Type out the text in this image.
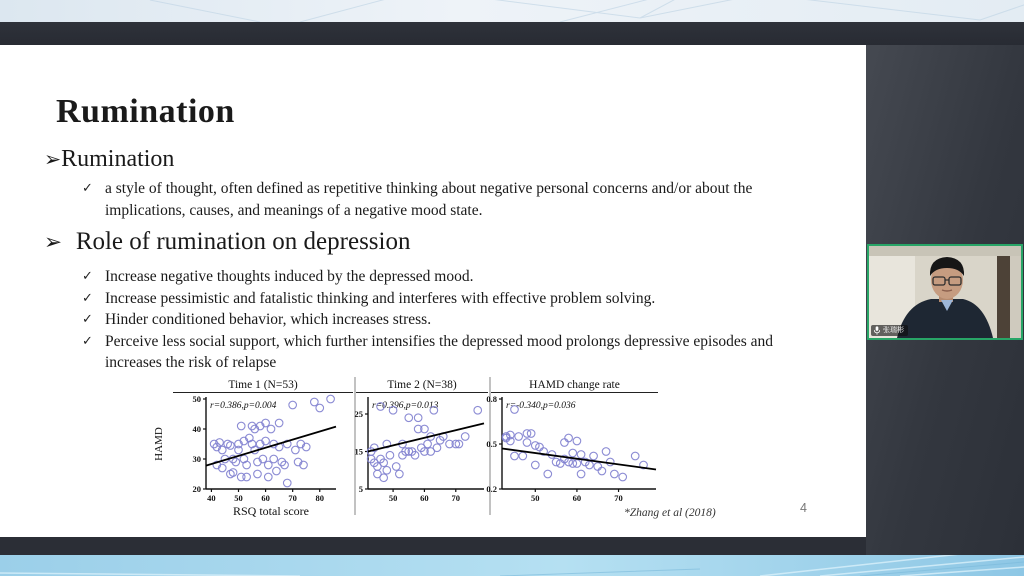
Rumination
➢Rumination
✓ a style of thought, often defined as repetitive thinking about negative personal concerns and/or about the implications, causes, and meanings of a negative mood state.
➢ Role of rumination on depression
✓ Increase negative thoughts induced by the depressed mood.
✓ Increase pessimistic and fatalistic thinking and interferes with effective problem solving.
✓ Hinder conditioned behavior, which increases stress.
✓ Perceive less social support, which further intensifies the depressed mood prolongs depressive episodes and increases the risk of relapse
Time 1 (N=53)
20
30
40
50
40 50 60 70 80
r=0.386,p=0.004
HAMD
RSQ total score
Time 2 (N=38)
5
15
25
50	60	70
r=0.396,p=0.013
HAMD change rate
0.2
0.5
0.8
50	60	70
r=-0.340,p=0.036
*Zhang et al (2018)	4
张瑞彬
